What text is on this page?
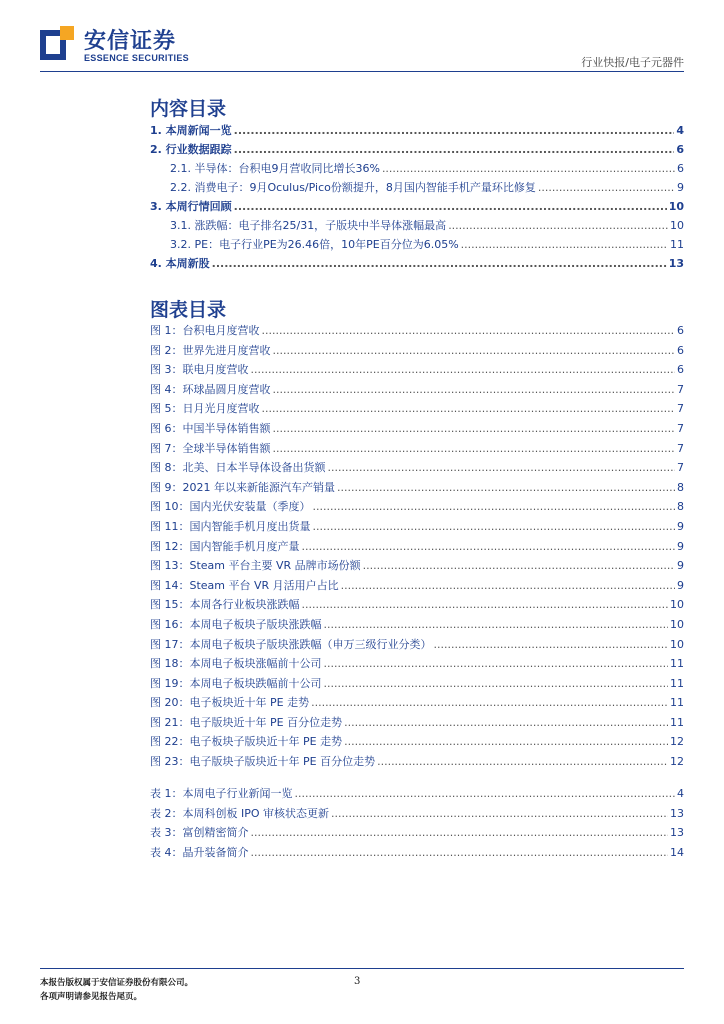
安信证券
ESSENCE SECURITIES	行业快报/电子元器件
内容目录
1. 本周新闻一览 .....	4
2. 行业数据跟踪 .....	6
2.1. 半导体：台积电9月营收同比增长36% .....	6
2.2. 消费电子：9月Oculus/Pico份额提升，8月国内智能手机产量环比修复 .....	9
3. 本周行情回顾 .....	10
3.1. 涨跌幅：电子排名25/31，子版块中半导体涨幅最高 .....	10
3.2. PE：电子行业PE为26.46倍，10年PE百分位为6.05% .....	11
4. 本周新股 .....	13
图表目录
图 1：台积电月度营收 .....	6
图 2：世界先进月度营收 .....	6
图 3：联电月度营收 .....	6
图 4：环球晶圆月度营收 .....	7
图 5：日月光月度营收 .....	7
图 6：中国半导体销售额 .....	7
图 7：全球半导体销售额 .....	7
图 8：北美、日本半导体设备出货额 .....	7
图 9：2021 年以来新能源汽车产销量 .....	8
图 10：国内光伏安装量（季度） .....	8
图 11：国内智能手机月度出货量 .....	9
图 12：国内智能手机月度产量 .....	9
图 13：Steam 平台主要 VR 品牌市场份额 .....	9
图 14：Steam 平台 VR 月活用户占比 .....	9
图 15：本周各行业板块涨跌幅 .....	10
图 16：本周电子板块子版块涨跌幅 .....	10
图 17：本周电子板块子版块涨跌幅（申万三级行业分类） .....	10
图 18：本周电子板块涨幅前十公司 .....	11
图 19：本周电子板块跌幅前十公司 .....	11
图 20：电子板块近十年 PE 走势 .....	11
图 21：电子版块近十年 PE 百分位走势 .....	11
图 22：电子板块子版块近十年 PE 走势 .....	12
图 23：电子版块子版块近十年 PE 百分位走势 .....	12
表 1：本周电子行业新闻一览 .....	4
表 2：本周科创板 IPO 审核状态更新 .....	13
表 3：富创精密简介 .....	13
表 4：晶升装备简介 .....	14
本报告版权属于安信证券股份有限公司。
各项声明请参见报告尾页。
3
